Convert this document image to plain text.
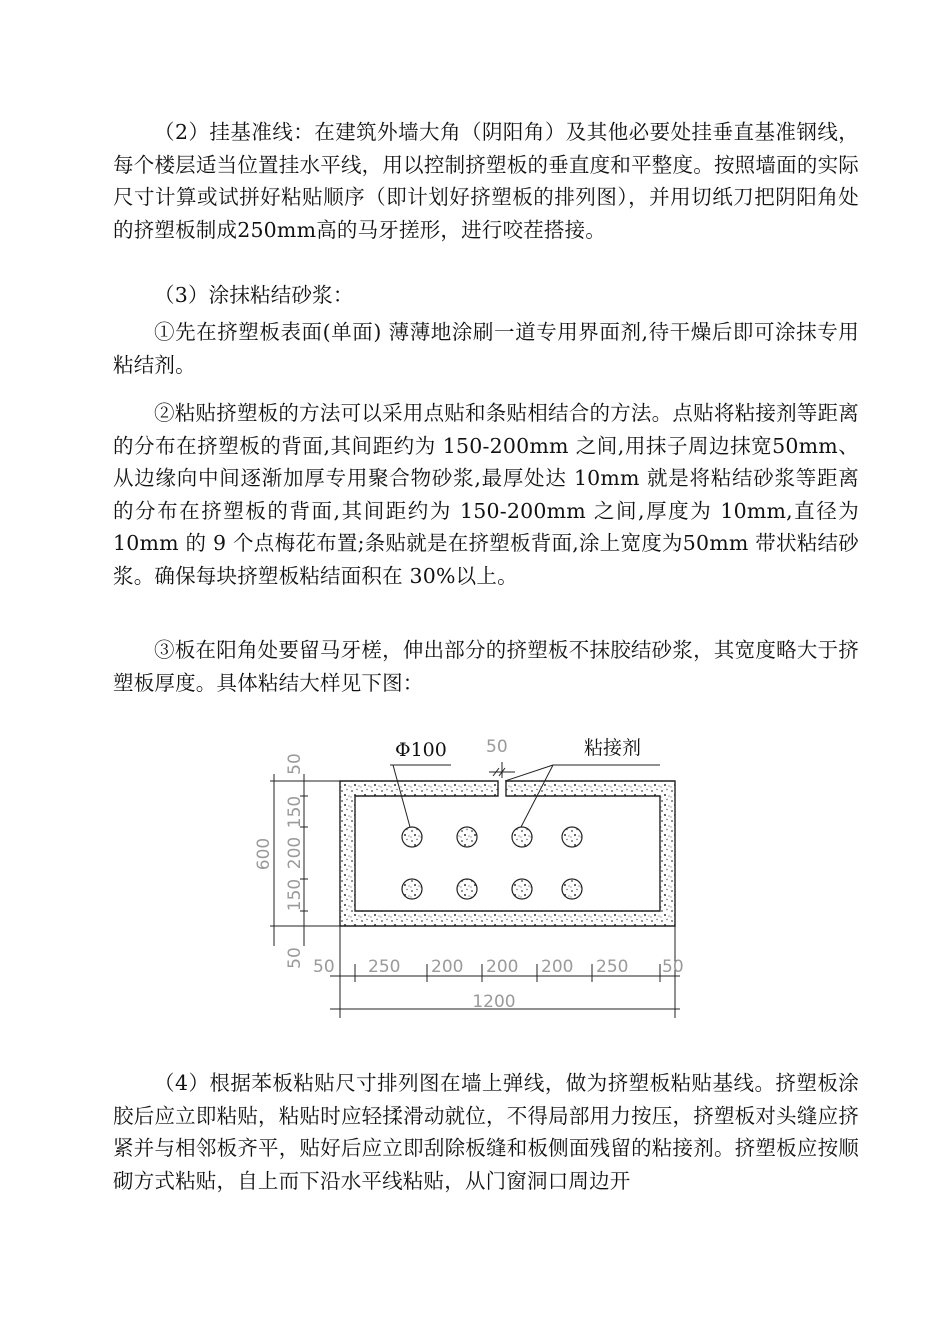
（2）挂基准线：在建筑外墙大角（阴阳角）及其他必要处挂垂直基准钢线，每个楼层适当位置挂水平线，用以控制挤塑板的垂直度和平整度。按照墙面的实际尺寸计算或试拼好粘贴顺序（即计划好挤塑板的排列图），并用切纸刀把阴阳角处的挤塑板制成250mm高的马牙搓形，进行咬茬搭接。
（3）涂抹粘结砂浆：
①先在挤塑板表面(单面) 薄薄地涂刷一道专用界面剂,待干燥后即可涂抹专用粘结剂。
②粘贴挤塑板的方法可以采用点贴和条贴相结合的方法。点贴将粘接剂等距离的分布在挤塑板的背面,其间距约为 150-200mm 之间,用抹子周边抹宽50mm、从边缘向中间逐渐加厚专用聚合物砂浆,最厚处达 10mm 就是将粘结砂浆等距离的分布在挤塑板的背面,其间距约为 150-200mm 之间,厚度为 10mm,直径为10mm 的 9 个点梅花布置;条贴就是在挤塑板背面,涂上宽度为50mm 带状粘结砂浆。确保每块挤塑板粘结面积在 30%以上。
③板在阳角处要留马牙槎，伸出部分的挤塑板不抹胶结砂浆，其宽度略大于挤塑板厚度。具体粘结大样见下图：
Φ100 50	粘接剂
600
50
150
200
150
50 50 250 200 200 200 250 50
1200
（4）根据苯板粘贴尺寸排列图在墙上弹线，做为挤塑板粘贴基线。挤塑板涂胶后应立即粘贴，粘贴时应轻揉滑动就位，不得局部用力按压，挤塑板对头缝应挤紧并与相邻板齐平，贴好后应立即刮除板缝和板侧面残留的粘接剂。挤塑板应按顺砌方式粘贴，自上而下沿水平线粘贴，从门窗洞口周边开
